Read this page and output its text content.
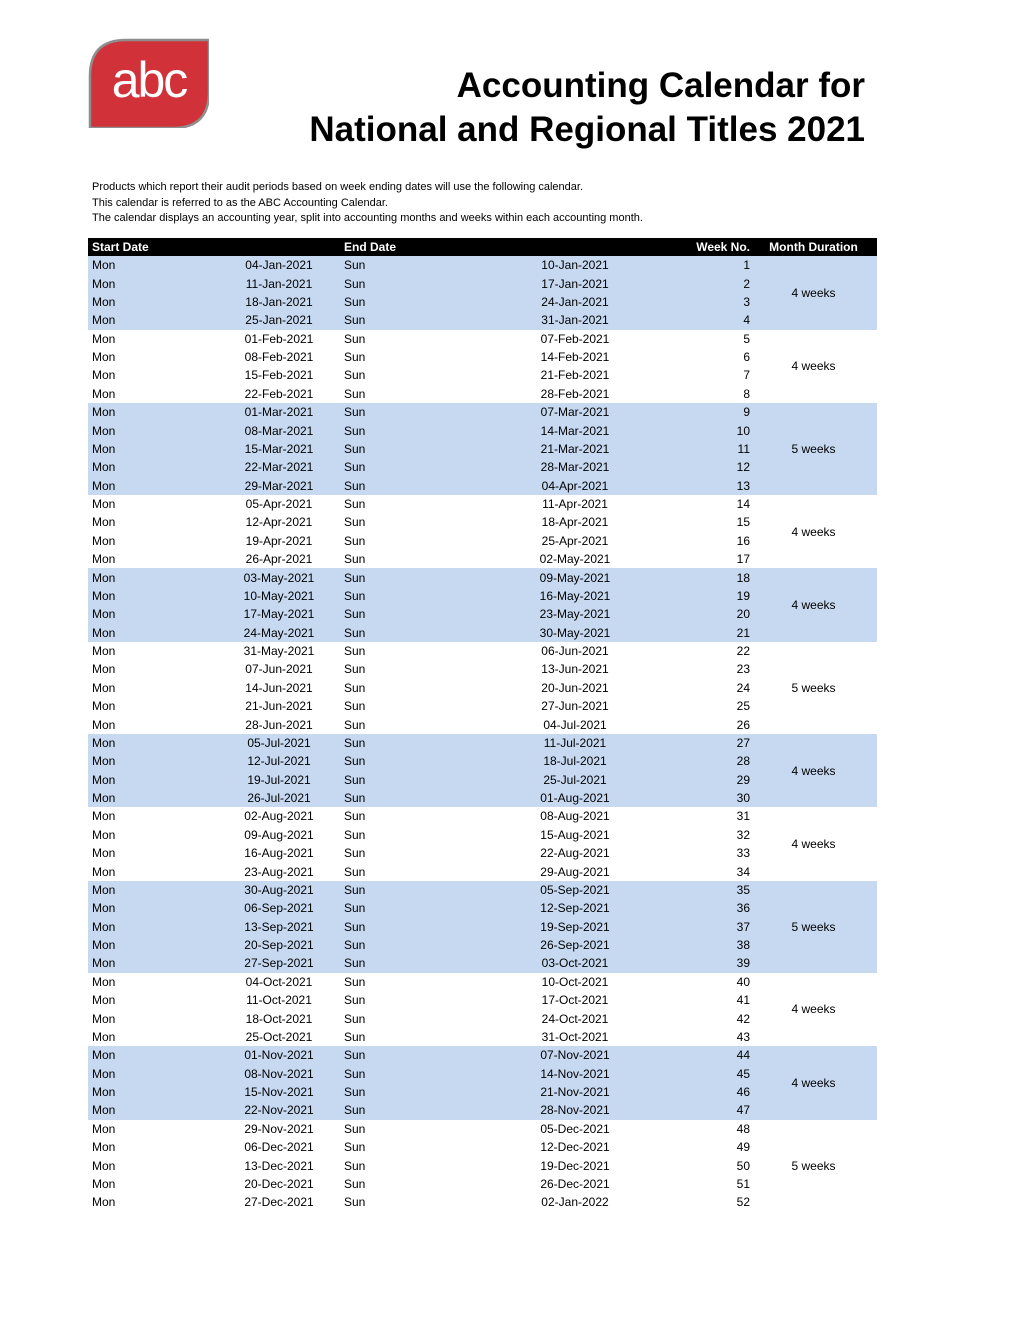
abc	Accounting Calendar for
National and Regional Titles 2021
Products which report their audit periods based on week ending dates will use the following calendar.
This calendar is referred to as the ABC Accounting Calendar.
The calendar displays an accounting year, split into accounting months and weeks within each accounting month.
Start Date		End Date		Week No.	Month Duration
Mon	04-Jan-2021	Sun	10-Jan-2021	1	4 weeks
Mon	11-Jan-2021	Sun	17-Jan-2021	2	
Mon	18-Jan-2021	Sun	24-Jan-2021	3	
Mon	25-Jan-2021	Sun	31-Jan-2021	4	
Mon	01-Feb-2021	Sun	07-Feb-2021	5	4 weeks
Mon	08-Feb-2021	Sun	14-Feb-2021	6	
Mon	15-Feb-2021	Sun	21-Feb-2021	7	
Mon	22-Feb-2021	Sun	28-Feb-2021	8	
Mon	01-Mar-2021	Sun	07-Mar-2021	9	5 weeks
Mon	08-Mar-2021	Sun	14-Mar-2021	10	
Mon	15-Mar-2021	Sun	21-Mar-2021	11	
Mon	22-Mar-2021	Sun	28-Mar-2021	12	
Mon	29-Mar-2021	Sun	04-Apr-2021	13	
Mon	05-Apr-2021	Sun	11-Apr-2021	14	4 weeks
Mon	12-Apr-2021	Sun	18-Apr-2021	15	
Mon	19-Apr-2021	Sun	25-Apr-2021	16	
Mon	26-Apr-2021	Sun	02-May-2021	17	
Mon	03-May-2021	Sun	09-May-2021	18	4 weeks
Mon	10-May-2021	Sun	16-May-2021	19	
Mon	17-May-2021	Sun	23-May-2021	20	
Mon	24-May-2021	Sun	30-May-2021	21	
Mon	31-May-2021	Sun	06-Jun-2021	22	5 weeks
Mon	07-Jun-2021	Sun	13-Jun-2021	23	
Mon	14-Jun-2021	Sun	20-Jun-2021	24	
Mon	21-Jun-2021	Sun	27-Jun-2021	25	
Mon	28-Jun-2021	Sun	04-Jul-2021	26	
Mon	05-Jul-2021	Sun	11-Jul-2021	27	4 weeks
Mon	12-Jul-2021	Sun	18-Jul-2021	28	
Mon	19-Jul-2021	Sun	25-Jul-2021	29	
Mon	26-Jul-2021	Sun	01-Aug-2021	30	
Mon	02-Aug-2021	Sun	08-Aug-2021	31	4 weeks
Mon	09-Aug-2021	Sun	15-Aug-2021	32	
Mon	16-Aug-2021	Sun	22-Aug-2021	33	
Mon	23-Aug-2021	Sun	29-Aug-2021	34	
Mon	30-Aug-2021	Sun	05-Sep-2021	35	5 weeks
Mon	06-Sep-2021	Sun	12-Sep-2021	36	
Mon	13-Sep-2021	Sun	19-Sep-2021	37	
Mon	20-Sep-2021	Sun	26-Sep-2021	38	
Mon	27-Sep-2021	Sun	03-Oct-2021	39	
Mon	04-Oct-2021	Sun	10-Oct-2021	40	4 weeks
Mon	11-Oct-2021	Sun	17-Oct-2021	41	
Mon	18-Oct-2021	Sun	24-Oct-2021	42	
Mon	25-Oct-2021	Sun	31-Oct-2021	43	
Mon	01-Nov-2021	Sun	07-Nov-2021	44	4 weeks
Mon	08-Nov-2021	Sun	14-Nov-2021	45	
Mon	15-Nov-2021	Sun	21-Nov-2021	46	
Mon	22-Nov-2021	Sun	28-Nov-2021	47	
Mon	29-Nov-2021	Sun	05-Dec-2021	48	5 weeks
Mon	06-Dec-2021	Sun	12-Dec-2021	49	
Mon	13-Dec-2021	Sun	19-Dec-2021	50	
Mon	20-Dec-2021	Sun	26-Dec-2021	51	
Mon	27-Dec-2021	Sun	02-Jan-2022	52	
